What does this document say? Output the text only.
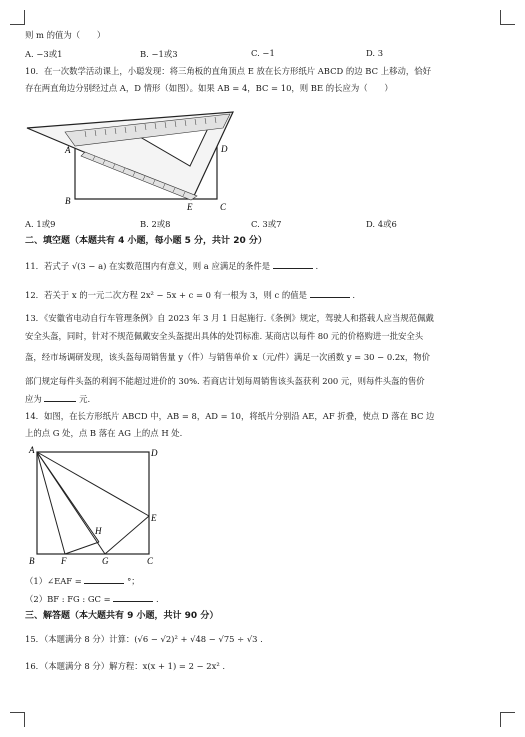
则 m 的值为（　　）
A. −3或1	B. −1或3	C. −1	D. 3
10．在一次数学活动课上，小聪发现：将三角板的直角顶点 E 放在长方形纸片 ABCD 的边 BC 上移动，恰好
存在两直角边分别经过点 A，D 情形（如图）。如果 AB = 4，BC = 10，则 BE 的长应为（　　）
A
B
C
D
E
A. 1或9	B. 2或8	C. 3或7	D. 4或6
二、填空题（本题共有 4 小题，每小题 5 分，共计 20 分）
11．若式子 √(3 − a) 在实数范围内有意义，则 a 应满足的条件是	.
12．若关于 x 的一元二次方程 2x² − 5x + c = 0 有一根为 3，则 c 的值是	.
13．《安徽省电动自行车管理条例》自 2023 年 3 月 1 日起施行.《条例》规定，驾驶人和搭载人应当规范佩戴
安全头盔，同时，针对不规范佩戴安全头盔提出具体的处罚标准. 某商店以每件 80 元的价格购进一批安全头
盔，经市场调研发现，该头盔每周销售量 y（件）与销售单价 x（元/件）满足一次函数 y = 30 − 0.2x，物价
部门规定每件头盔的利润不能超过进价的 30%. 若商店计划每周销售该头盔获利 200 元，则每件头盔的售价
应为	元.
14．如图，在长方形纸片 ABCD 中，AB = 8，AD = 10，将纸片分别沿 AE，AF 折叠，使点 D 落在 BC 边
上的点 G 处，点 B 落在 AG 上的点 H 处.
A	D
B	F	G	C
E
H
（1）∠EAF =	°；
（2）BF : FG : GC =	.
三、解答题（本大题共有 9 小题，共计 90 分）
15．（本题满分 8 分）计算：(√6 − √2)² + √48 − √75 ÷ √3 .
16．（本题满分 8 分）解方程：x(x + 1) = 2 − 2x² .
